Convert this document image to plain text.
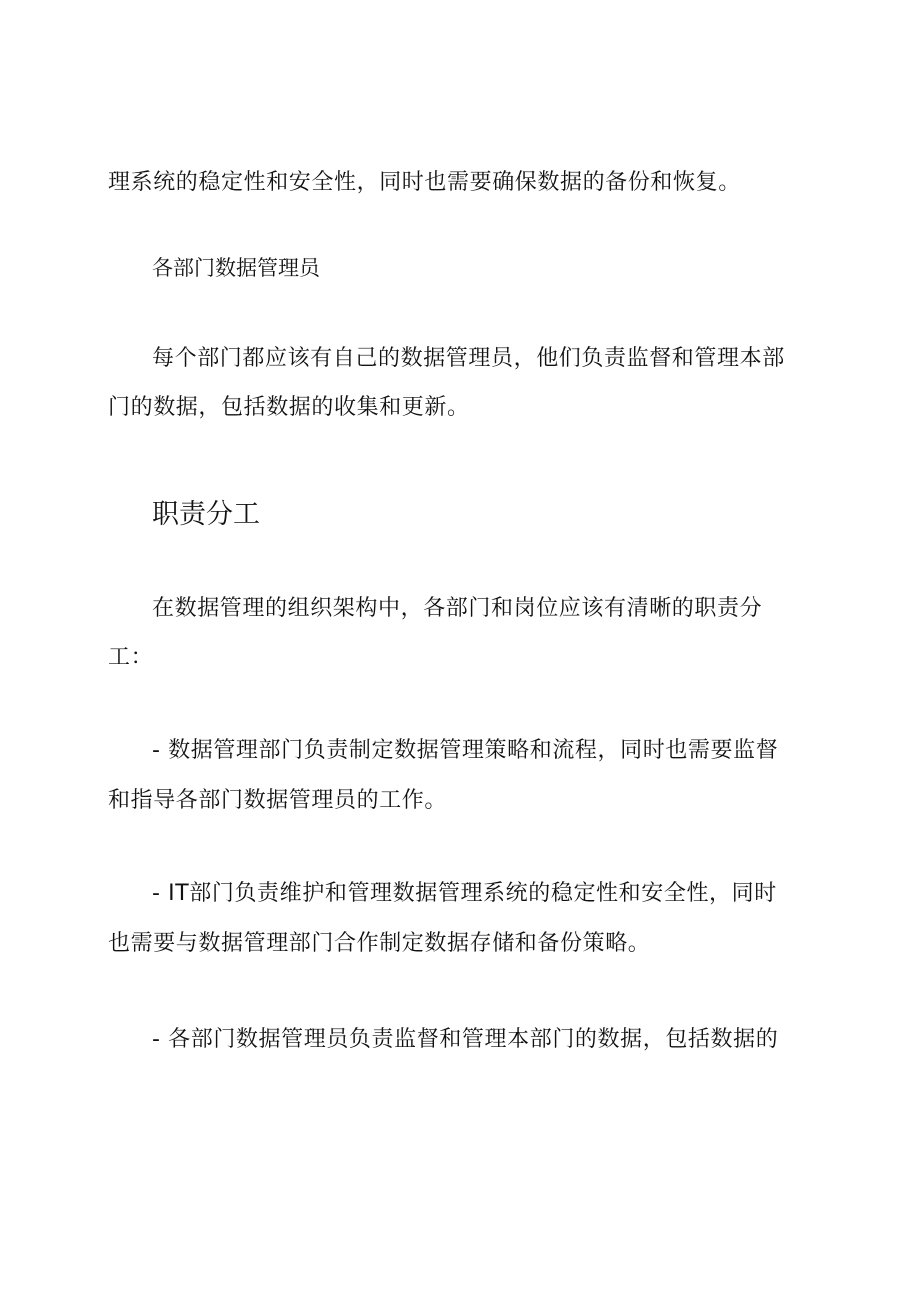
理系统的稳定性和安全性，同时也需要确保数据的备份和恢复。
各部门数据管理员
每个部门都应该有自己的数据管理员，他们负责监督和管理本部
门的数据，包括数据的收集和更新。
职责分工
在数据管理的组织架构中，各部门和岗位应该有清晰的职责分
工：
- 数据管理部门负责制定数据管理策略和流程，同时也需要监督
和指导各部门数据管理员的工作。
- IT部门负责维护和管理数据管理系统的稳定性和安全性，同时
也需要与数据管理部门合作制定数据存储和备份策略。
- 各部门数据管理员负责监督和管理本部门的数据，包括数据的
